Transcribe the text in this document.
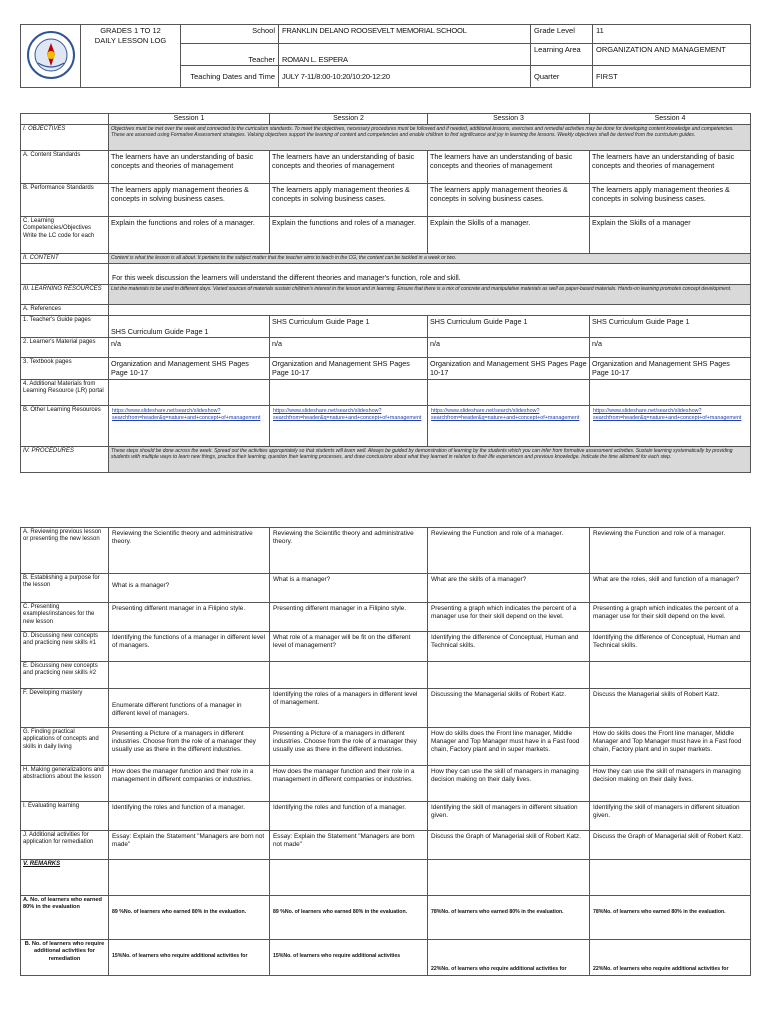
GRADES 1 TO 12
DAILY LESSON LOG	School	FRANKLIN DELANO ROOSEVELT MEMORIAL SCHOOL	Grade Level	11
		Teacher	ROMAN L. ESPERA	Learning Area	ORGANIZATION AND MANAGEMENT
		Teaching Dates and Time	JULY 7-11/8:00-10:20/10:20-12:20	Quarter	FIRST
	Session 1	Session 2	Session 3	Session 4
I. OBJECTIVES	Objectives must be met over the week and connected to the curriculum standards. To meet the objectives, necessary procedures must be followed and if needed, additional lessons, exercises and remedial activities may be done for developing content knowledge and competencies. These are assessed using Formative Assessment strategies. Valuing objectives support the learning of content and competencies and enable children to find significance and joy in learning the lessons. Weekly objectives shall be derived from the curriculum guides.			
A. Content Standards	The learners have an understanding of basic concepts and theories of management	The learners have an understanding of basic concepts and theories of management	The learners have an understanding of basic concepts and theories of management	The learners have an understanding of basic concepts and theories of management
B. Performance Standards	The learners apply management theories & concepts in solving business cases.	The learners apply management theories & concepts in solving business cases.	The learners apply management theories & concepts in solving business cases.	The learners apply management theories & concepts in solving business cases.
C. Learning Competencies/Objectives Write the LC code for each	Explain the functions and roles of a manager.	Explain the functions and roles of a manager.	Explain the Skills of a manager.	Explain the Skills of a manager
II. CONTENT	Content is what the lesson is all about. It pertains to the subject matter that the teacher aims to teach in the CG, the content can be tackled in a week or two.			
	For this week discussion the learners will understand the different theories and manager's function, role and skill.			
III. LEARNING RESOURCES	List the materials to be used in different days. Varied sources of materials sustain children's interest in the lesson and in learning. Ensure that there is a mix of concrete and manipulative materials as well as paper-based materials. Hands-on learning promotes concept development.			
A. References				
1. Teacher's Guide pages	SHS Curriculum Guide Page 1	SHS Curriculum Guide Page 1	SHS Curriculum Guide Page 1	SHS Curriculum Guide Page 1
2. Learner's Material pages	n/a	n/a	n/a	n/a
3. Textbook pages	Organization and Management SHS Pages Page 10-17	Organization and Management SHS Pages Page 10-17	Organization and Management SHS Pages Page 10-17	Organization and Management SHS Pages Page 10-17
4. Additional Materials from Learning Resource (LR) portal				
B. Other Learning Resources	https://www.slideshare.net/search/slideshow?searchfrom=header&q=nature+and+concept+of+management	https://www.slideshare.net/search/slideshow?searchfrom=header&q=nature+and+concept+of+management	https://www.slideshare.net/search/slideshow?searchfrom=header&q=nature+and+concept+of+management	https://www.slideshare.net/search/slideshow?searchfrom=header&q=nature+and+concept+of+management
IV. PROCEDURES	These steps should be done across the week. Spread out the activities appropriately so that students will learn well. Always be guided by demonstration of learning by the students which you can infer from formative assessment activities. Sustain learning systematically by providing students with multiple ways to learn new things, practice their learning, question their learning processes, and draw conclusions about what they learned in relation to their life experiences and previous knowledge. Indicate the time allotment for each step.			
A. Reviewing previous lesson or presenting the new lesson	Reviewing the Scientific theory and administrative theory.	Reviewing the Scientific theory and administrative theory.	Reviewing the Function and role of a manager.	Reviewing the Function and role of a manager.
B. Establishing a purpose for the lesson	What is a manager?	What is a manager?	What are the skills of a manager?	What are the roles, skill and function of a manager?
C. Presenting examples/instances for the new lesson	Presenting different manager in a Filipino style.	Presenting different manager in a Filipino style.	Presenting a graph which indicates the percent of a manager use for their skill depend on the level.	Presenting a graph which indicates the percent of a manager use for their skill depend on the level.
D. Discussing new concepts and practicing new skills #1	Identifying the functions of a manager in different level of managers.	What role of a manager will be fit on the different level of management?	Identifying the difference of Conceptual, Human and Technical skills.	Identifying the difference of Conceptual, Human and Technical skills.
E. Discussing new concepts and practicing new skills #2				
F. Developing mastery	Enumerate different functions of a manager in different level of managers.	Identifying the roles of a managers in different level of management.	Discussing the Managerial skills of Robert Katz.	Discuss the Managerial skills of Robert Katz.
G. Finding practical applications of concepts and skills in daily living	Presenting a Picture of a managers in different industries. Choose from the role of a manager they usually use as there in the different industries.	Presenting a Picture of a managers in different industries. Choose from the role of a manager they usually use as there in the different industries.	How do skills does the Front line manager, Middle Manager and Top Manager must have in a Fast food chain, Factory plant and in super markets.	How do skills does the Front line manager, Middle Manager and Top Manager must have in a Fast food chain, Factory plant and in super markets.
H. Making generalizations and abstractions about the lesson	How does the manager function and their role in a management in different companies or industries.	How does the manager function and their role in a management in different companies or industries.	How they can use the skill of managers in managing decision making on their daily lives.	How they can use the skill of managers in managing decision making on their daily lives.
I. Evaluating learning	Identifying the roles and function of a manager.	Identifying the roles and function of a manager.	Identifying the skill of managers in different situation given.	Identifying the skill of managers in different situation given.
J. Additional activities for application for remediation	Essay: Explain the Statement "Managers are born not made"	Essay: Explain the Statement "Managers are born not made"	Discuss the Graph of Managerial skill of Robert Katz.	Discuss the Graph of Managerial skill of Robert Katz.
V. REMARKS				
A. No. of learners who earned 80% in the evaluation	89 %No. of learners who earned 80% in the evaluation.	89 %No. of learners who earned 80% in the evaluation.	78%No. of learners who earned 80% in the evaluation.	78%No. of learners who earned 80% in the evaluation.
B. No. of learners who require additional activities for remediation	15%No. of learners who require additional activities for	15%No. of learners who require additional activities	22%No. of learners who require additional activities for	22%No. of learners who require additional activities for
